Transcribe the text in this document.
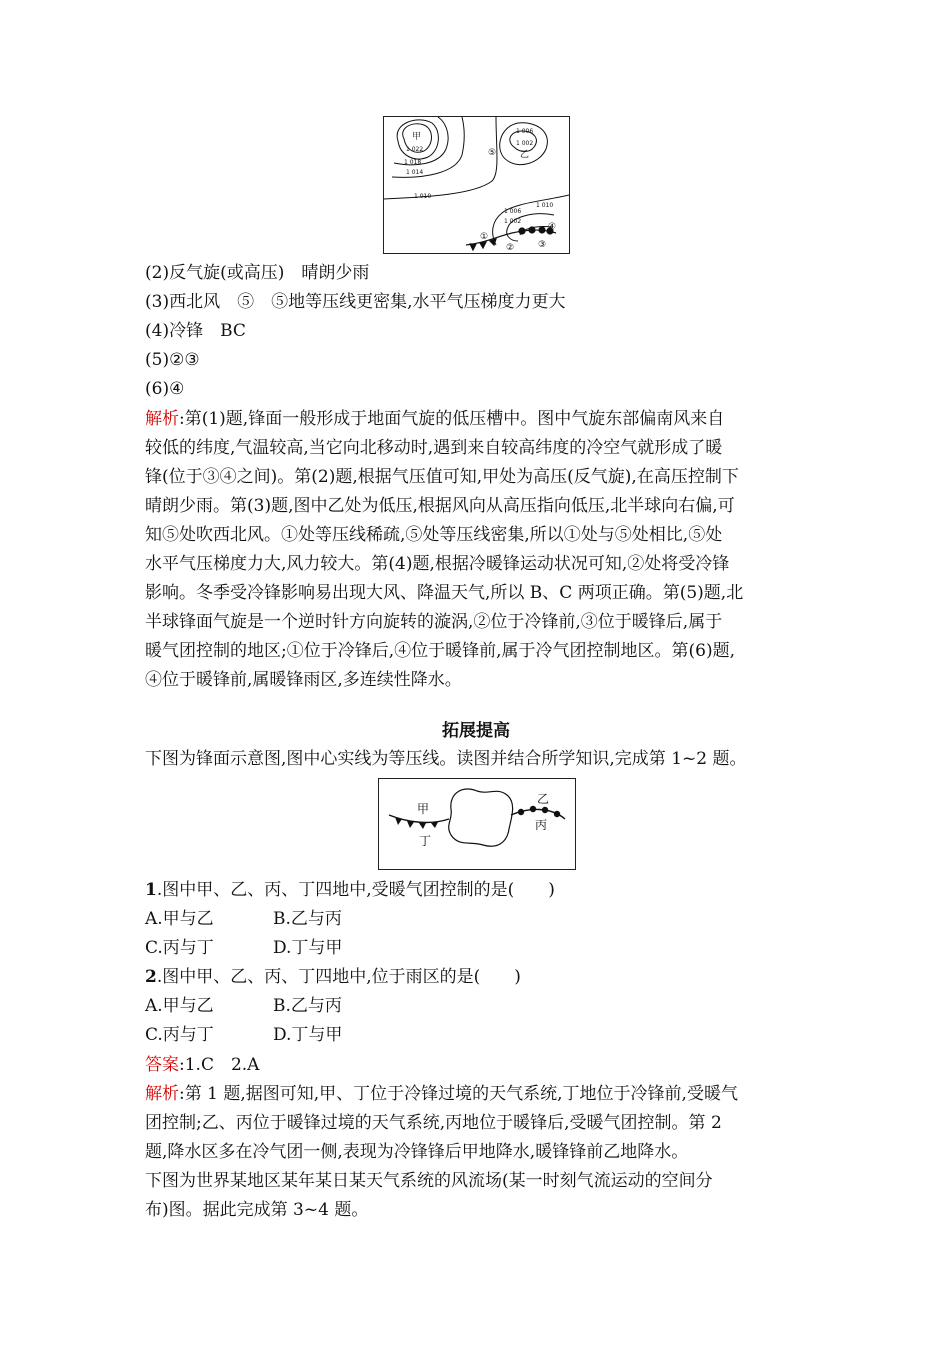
甲
1 022
1 018
1 014
1 010
⑤
1 006
1 002
乙
1 010
1 006
1 002
①
②	③
④
(2)反气旋(或高压)　晴朗少雨
(3)西北风　⑤　⑤地等压线更密集,水平气压梯度力更大
(4)冷锋　BC
(5)②③
(6)④
解析:第(1)题,锋面一般形成于地面气旋的低压槽中。图中气旋东部偏南风来自
较低的纬度,气温较高,当它向北移动时,遇到来自较高纬度的冷空气就形成了暖
锋(位于③④之间)。第(2)题,根据气压值可知,甲处为高压(反气旋),在高压控制下
晴朗少雨。第(3)题,图中乙处为低压,根据风向从高压指向低压,北半球向右偏,可
知⑤处吹西北风。①处等压线稀疏,⑤处等压线密集,所以①处与⑤处相比,⑤处
水平气压梯度力大,风力较大。第(4)题,根据冷暖锋运动状况可知,②处将受冷锋
影响。冬季受冷锋影响易出现大风、降温天气,所以 B、C 两项正确。第(5)题,北
半球锋面气旋是一个逆时针方向旋转的漩涡,②位于冷锋前,③位于暖锋后,属于
暖气团控制的地区;①位于冷锋后,④位于暖锋前,属于冷气团控制地区。第(6)题,
④位于暖锋前,属暖锋雨区,多连续性降水。
拓展提高
下图为锋面示意图,图中心实线为等压线。读图并结合所学知识,完成第 1~2 题。
甲
丁
乙
丙
1.图中甲、乙、丙、丁四地中,受暖气团控制的是(　　)
A.甲与乙	B.乙与丙
C.丙与丁	D.丁与甲
2.图中甲、乙、丙、丁四地中,位于雨区的是(　　)
A.甲与乙	B.乙与丙
C.丙与丁	D.丁与甲
答案:1.C　2.A
解析:第 1 题,据图可知,甲、丁位于冷锋过境的天气系统,丁地位于冷锋前,受暖气
团控制;乙、丙位于暖锋过境的天气系统,丙地位于暖锋后,受暖气团控制。第 2
题,降水区多在冷气团一侧,表现为冷锋锋后甲地降水,暖锋锋前乙地降水。
下图为世界某地区某年某日某天气系统的风流场(某一时刻气流运动的空间分
布)图。据此完成第 3~4 题。
